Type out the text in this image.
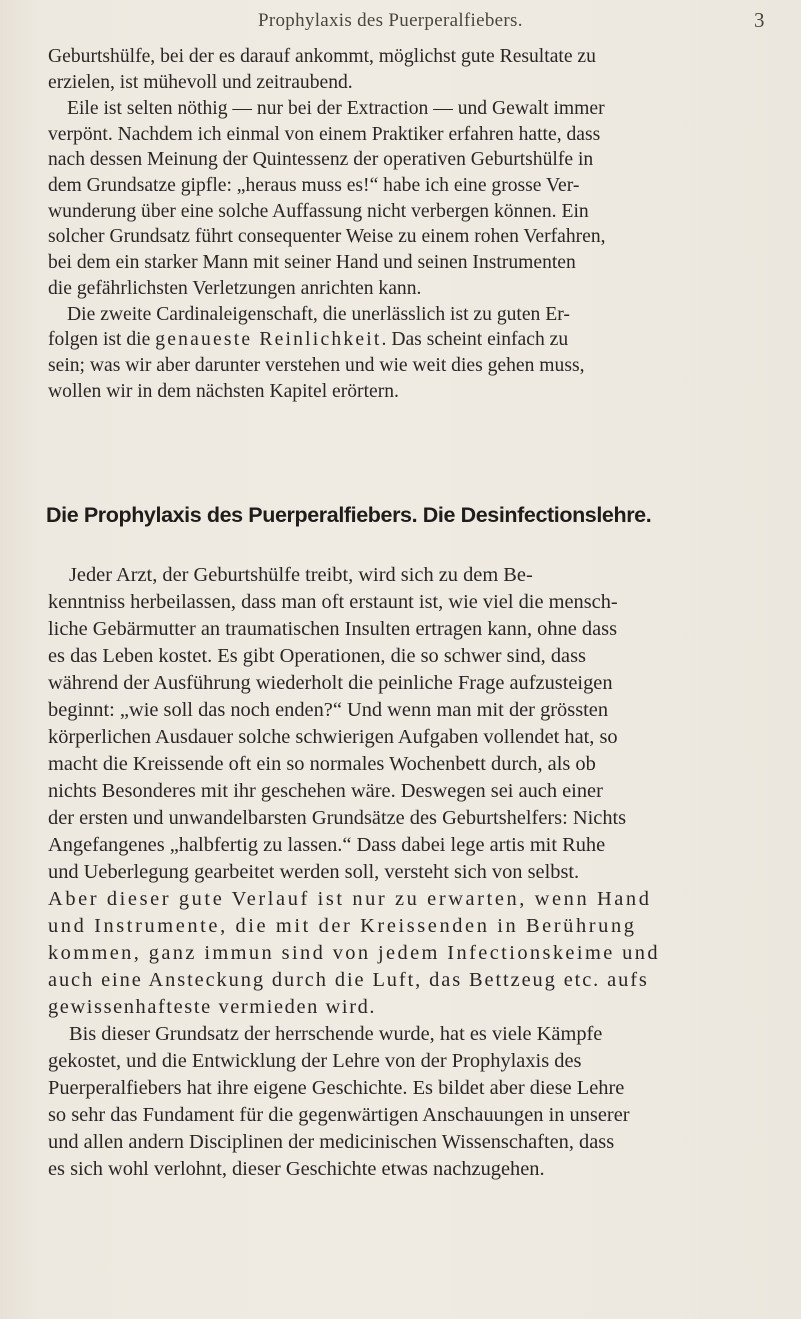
Prophylaxis des Puerperalfiebers.	3
Geburtshülfe, bei der es darauf ankommt, möglichst gute Resultate zu
erzielen, ist mühevoll und zeitraubend.
Eile ist selten nöthig — nur bei der Extraction — und Gewalt immer
verpönt. Nachdem ich einmal von einem Praktiker erfahren hatte, dass
nach dessen Meinung der Quintessenz der operativen Geburtshülfe in
dem Grundsatze gipfle: „heraus muss es!“ habe ich eine grosse Ver-
wunderung über eine solche Auffassung nicht verbergen können. Ein
solcher Grundsatz führt consequenter Weise zu einem rohen Verfahren,
bei dem ein starker Mann mit seiner Hand und seinen Instrumenten
die gefährlichsten Verletzungen anrichten kann.
Die zweite Cardinaleigenschaft, die unerlässlich ist zu guten Er-
folgen ist die genaueste Reinlichkeit. Das scheint einfach zu
sein; was wir aber darunter verstehen und wie weit dies gehen muss,
wollen wir in dem nächsten Kapitel erörtern.
Die Prophylaxis des Puerperalfiebers. Die Desinfectionslehre.
Jeder Arzt, der Geburtshülfe treibt, wird sich zu dem Be-
kenntniss herbeilassen, dass man oft erstaunt ist, wie viel die mensch-
liche Gebärmutter an traumatischen Insulten ertragen kann, ohne dass
es das Leben kostet. Es gibt Operationen, die so schwer sind, dass
während der Ausführung wiederholt die peinliche Frage aufzusteigen
beginnt: „wie soll das noch enden?“ Und wenn man mit der grössten
körperlichen Ausdauer solche schwierigen Aufgaben vollendet hat, so
macht die Kreissende oft ein so normales Wochenbett durch, als ob
nichts Besonderes mit ihr geschehen wäre. Deswegen sei auch einer
der ersten und unwandelbarsten Grundsätze des Geburtshelfers: Nichts
Angefangenes „halbfertig zu lassen.“ Dass dabei lege artis mit Ruhe
und Ueberlegung gearbeitet werden soll, versteht sich von selbst.
Aber dieser gute Verlauf ist nur zu erwarten, wenn Hand
und Instrumente, die mit der Kreissenden in Berührung
kommen, ganz immun sind von jedem Infectionskeime und
auch eine Ansteckung durch die Luft, das Bettzeug etc. aufs
gewissenhafteste vermieden wird.
Bis dieser Grundsatz der herrschende wurde, hat es viele Kämpfe
gekostet, und die Entwicklung der Lehre von der Prophylaxis des
Puerperalfiebers hat ihre eigene Geschichte. Es bildet aber diese Lehre
so sehr das Fundament für die gegenwärtigen Anschauungen in unserer
und allen andern Disciplinen der medicinischen Wissenschaften, dass
es sich wohl verlohnt, dieser Geschichte etwas nachzugehen.
